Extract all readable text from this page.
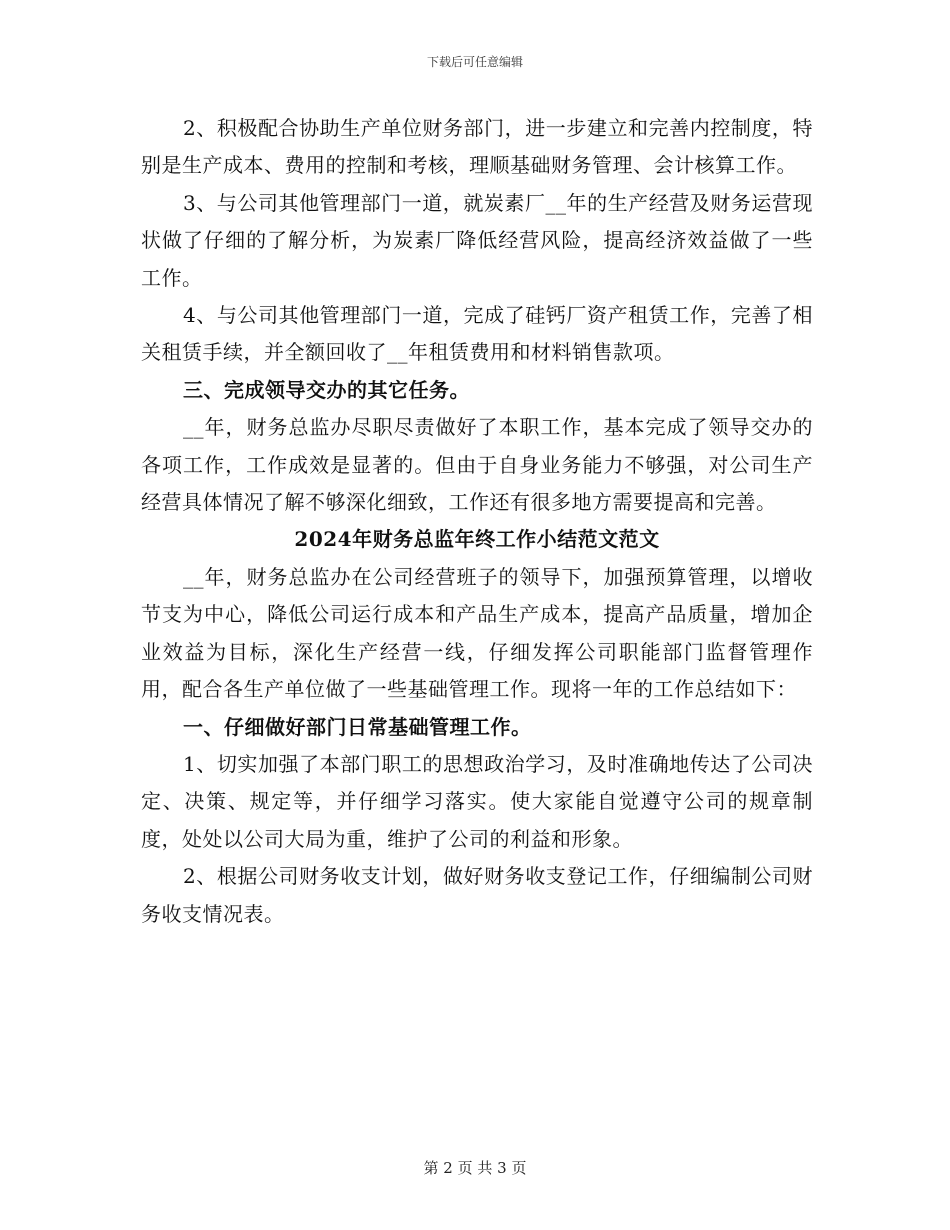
下载后可任意编辑

2、积极配合协助生产单位财务部门，进一步建立和完善内控制度，特别是生产成本、费用的控制和考核，理顺基础财务管理、会计核算工作。

3、与公司其他管理部门一道，就炭素厂__年的生产经营及财务运营现状做了仔细的了解分析，为炭素厂降低经营风险，提高经济效益做了一些工作。

4、与公司其他管理部门一道，完成了硅钙厂资产租赁工作，完善了相关租赁手续，并全额回收了__年租赁费用和材料销售款项。

三、完成领导交办的其它任务。

__年，财务总监办尽职尽责做好了本职工作，基本完成了领导交办的各项工作，工作成效是显著的。但由于自身业务能力不够强，对公司生产经营具体情况了解不够深化细致，工作还有很多地方需要提高和完善。

2024年财务总监年终工作小结范文范文

__年，财务总监办在公司经营班子的领导下，加强预算管理，以增收节支为中心，降低公司运行成本和产品生产成本，提高产品质量，增加企业效益为目标，深化生产经营一线，仔细发挥公司职能部门监督管理作用，配合各生产单位做了一些基础管理工作。现将一年的工作总结如下：

一、仔细做好部门日常基础管理工作。

1、切实加强了本部门职工的思想政治学习，及时准确地传达了公司决定、决策、规定等，并仔细学习落实。使大家能自觉遵守公司的规章制度，处处以公司大局为重，维护了公司的利益和形象。

2、根据公司财务收支计划，做好财务收支登记工作，仔细编制公司财务收支情况表。

第 2 页 共 3 页
